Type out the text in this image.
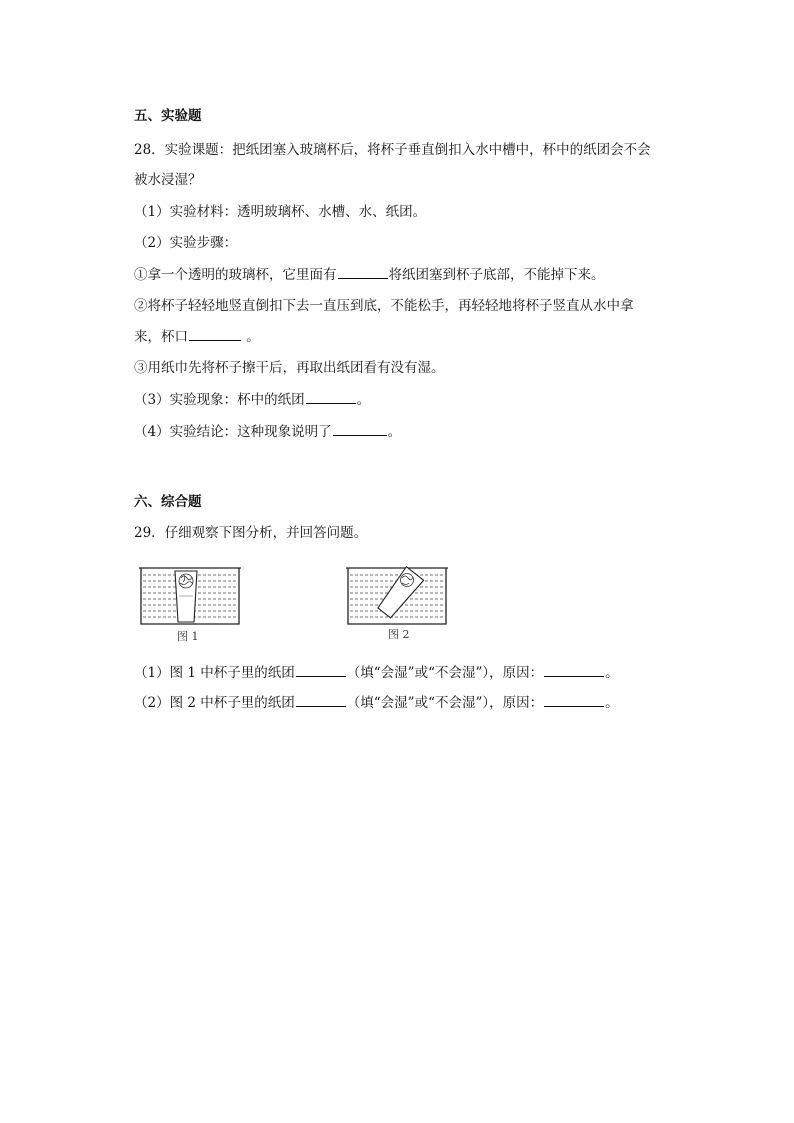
五、实验题
28．实验课题：把纸团塞入玻璃杯后，将杯子垂直倒扣入水中槽中，杯中的纸团会不会
被水浸湿？
（1）实验材料：透明玻璃杯、水槽、水、纸团。
（2）实验步骤：
①拿一个透明的玻璃杯，它里面有	将纸团塞到杯子底部，不能掉下来。
②将杯子轻轻地竖直倒扣下去一直压到底，不能松手，再轻轻地将杯子竖直从水中拿
来，杯口	。
③用纸巾先将杯子擦干后，再取出纸团看有没有湿。
（3）实验现象：杯中的纸团	。
（4）实验结论：这种现象说明了	。
六、综合题
29．仔细观察下图分析，并回答问题。
图 1	图 2
（1）图 1 中杯子里的纸团	（填“会湿”或“不会湿”），原因：	。
（2）图 2 中杯子里的纸团	（填“会湿”或“不会湿”），原因：	。
